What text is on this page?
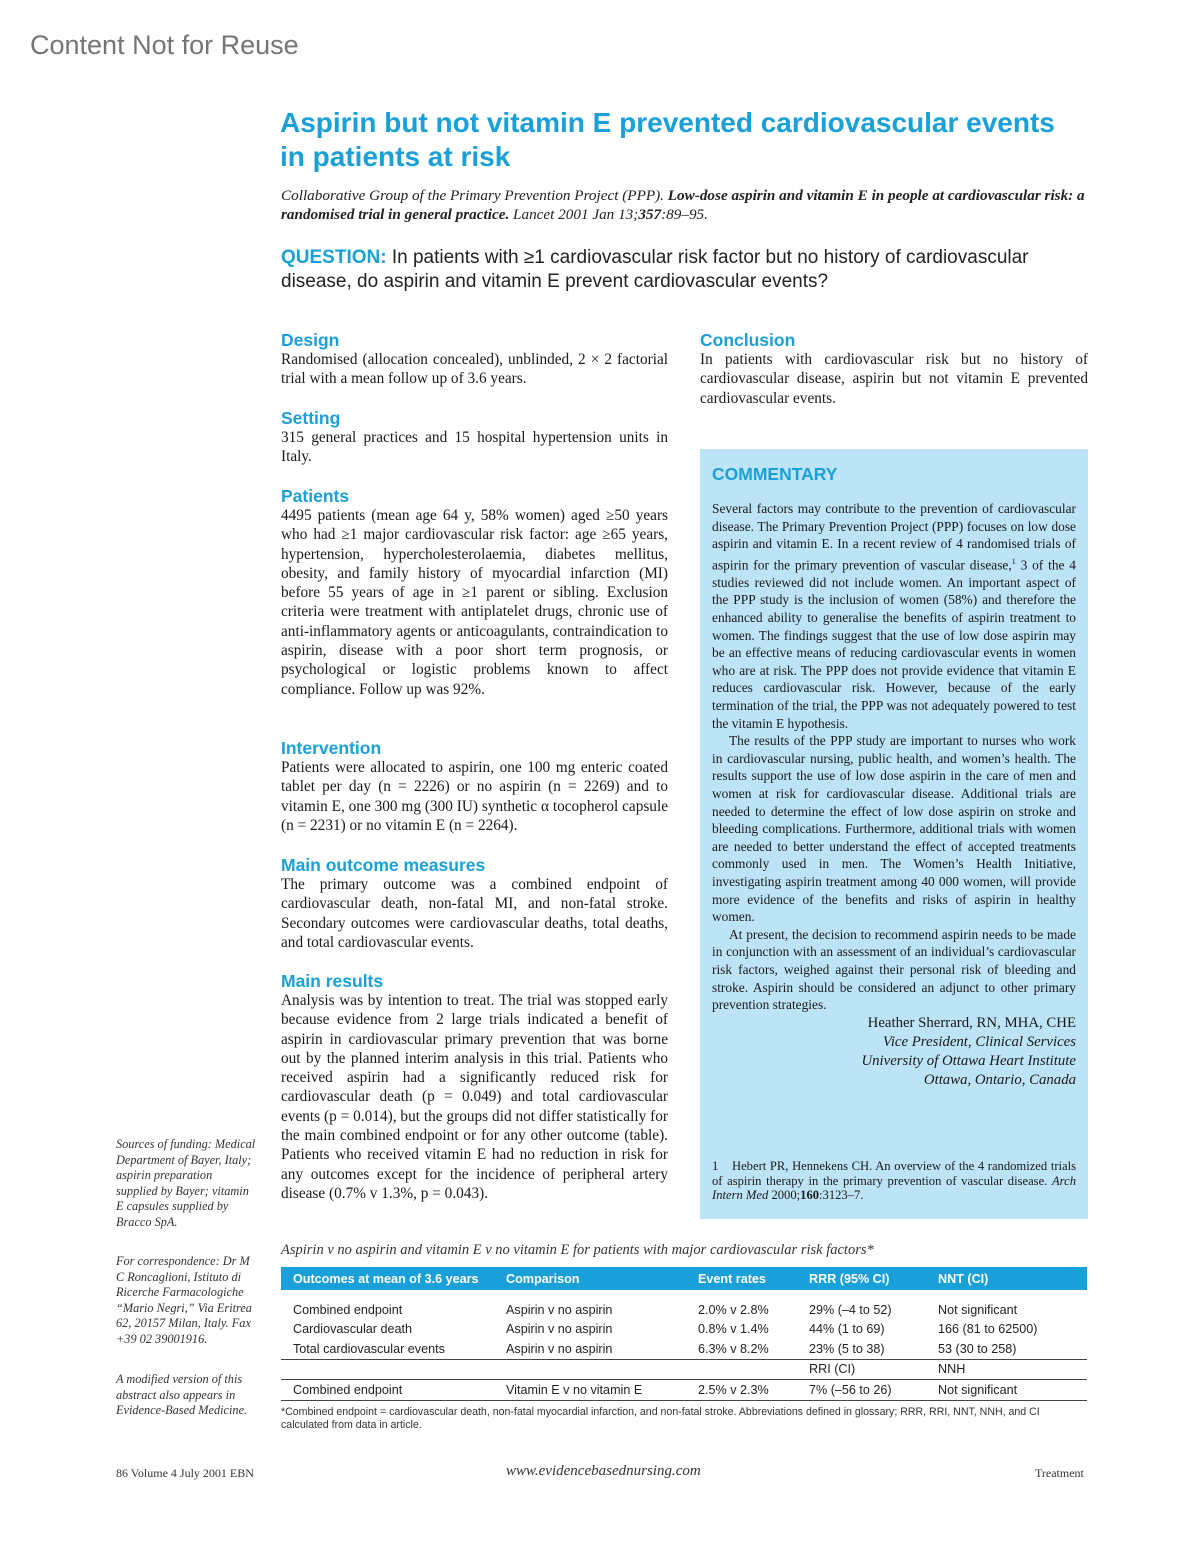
Content Not for Reuse
Aspirin but not vitamin E prevented cardiovascular events in patients at risk
Collaborative Group of the Primary Prevention Project (PPP). Low-dose aspirin and vitamin E in people at cardiovascular risk: a randomised trial in general practice. Lancet 2001 Jan 13;357:89–95.
QUESTION: In patients with ≥1 cardiovascular risk factor but no history of cardiovascular disease, do aspirin and vitamin E prevent cardiovascular events?
Design

Randomised (allocation concealed), unblinded, 2 × 2 factorial trial with a mean follow up of 3.6 years.

Setting

315 general practices and 15 hospital hypertension units in Italy.

Patients

4495 patients (mean age 64 y, 58% women) aged ≥50 years who had ≥1 major cardiovascular risk factor: age ≥65 years, hypertension, hypercholesterolaemia, diabetes mellitus, obesity, and family history of myocardial infarction (MI) before 55 years of age in ≥1 parent or sibling. Exclusion criteria were treatment with antiplatelet drugs, chronic use of anti-inflammatory agents or anticoagulants, contraindication to aspirin, disease with a poor short term prognosis, or psychological or logistic problems known to affect compliance. Follow up was 92%.

Intervention

Patients were allocated to aspirin, one 100 mg enteric coated tablet per day (n = 2226) or no aspirin (n = 2269) and to vitamin E, one 300 mg (300 IU) synthetic α tocopherol capsule (n = 2231) or no vitamin E (n = 2264).

Main outcome measures

The primary outcome was a combined endpoint of cardiovascular death, non-fatal MI, and non-fatal stroke. Secondary outcomes were cardiovascular deaths, total deaths, and total cardiovascular events.

Main results

Analysis was by intention to treat. The trial was stopped early because evidence from 2 large trials indicated a benefit of aspirin in cardiovascular primary prevention that was borne out by the planned interim analysis in this trial. Patients who received aspirin had a significantly reduced risk for cardiovascular death (p = 0.049) and total cardiovascular events (p = 0.014), but the groups did not differ statistically for the main combined endpoint or for any other outcome (table). Patients who received vitamin E had no reduction in risk for any outcomes except for the incidence of peripheral artery disease (0.7% v 1.3%, p = 0.043).

Conclusion

In patients with cardiovascular risk but no history of cardiovascular disease, aspirin but not vitamin E prevented cardiovascular events.

COMMENTARY

Several factors may contribute to the prevention of cardiovascular disease. The Primary Prevention Project (PPP) focuses on low dose aspirin and vitamin E. In a recent review of 4 randomised trials of aspirin for the primary prevention of vascular disease,$^1$ 3 of the 4 studies reviewed did not include women. An important aspect of the PPP study is the inclusion of women (58%) and therefore the enhanced ability to generalise the benefits of aspirin treatment to women. The findings suggest that the use of low dose aspirin may be an effective means of reducing cardiovascular events in women who are at risk. The PPP does not provide evidence that vitamin E reduces cardiovascular risk. However, because of the early termination of the trial, the PPP was not adequately powered to test the vitamin E hypothesis.

The results of the PPP study are important to nurses who work in cardiovascular nursing, public health, and women’s health. The results support the use of low dose aspirin in the care of men and women at risk for cardiovascular disease. Additional trials are needed to determine the effect of low dose aspirin on stroke and bleeding complications. Furthermore, additional trials with women are needed to better understand the effect of accepted treatments commonly used in men. The Women’s Health Initiative, investigating aspirin treatment among 40 000 women, will provide more evidence of the benefits and risks of aspirin in healthy women.

At present, the decision to recommend aspirin needs to be made in conjunction with an assessment of an individual’s cardiovascular risk factors, weighed against their personal risk of bleeding and stroke. Aspirin should be considered an adjunct to other primary prevention strategies.

Heather Sherrard, RN, MHA, CHE
Vice President, Clinical Services
University of Ottawa Heart Institute
Ottawa, Ontario, Canada
1 Hebert PR, Hennekens CH. An overview of the 4 randomized trials of aspirin therapy in the primary prevention of vascular disease. Arch Intern Med 2000;160:3123–7.
Sources of funding: Medical Department of Bayer, Italy; aspirin preparation supplied by Bayer; vitamin E capsules supplied by Bracco SpA.
For correspondence: Dr M C Roncaglioni, Istituto di Ricerche Farmacologiche “Mario Negri,” Via Eritrea 62, 20157 Milan, Italy. Fax +39 02 39001916.
A modified version of this abstract also appears in Evidence-Based Medicine.
Aspirin v no aspirin and vitamin E v no vitamin E for patients with major cardiovascular risk factors*
Outcomes at mean of 3.6 years	Comparison	Event rates	RRR (95% CI)	NNT (CI)

Combined endpoint	Aspirin v no aspirin	2.0% v 2.8%	29% (–4 to 52)	Not significant
Cardiovascular death	Aspirin v no aspirin	0.8% v 1.4%	44% (1 to 69)	166 (81 to 62500)
Total cardiovascular events	Aspirin v no aspirin	6.3% v 8.2%	23% (5 to 38)	53 (30 to 258)
			RRI (CI)	NNH
Combined endpoint	Vitamin E v no vitamin E	2.5% v 2.3%	7% (–56 to 26)	Not significant
*Combined endpoint = cardiovascular death, non-fatal myocardial infarction, and non-fatal stroke. Abbreviations defined in glossary; RRR, RRI, NNT, NNH, and CI calculated from data in article.
86 Volume 4 July 2001 EBN	www.evidencebasednursing.com	Treatment
